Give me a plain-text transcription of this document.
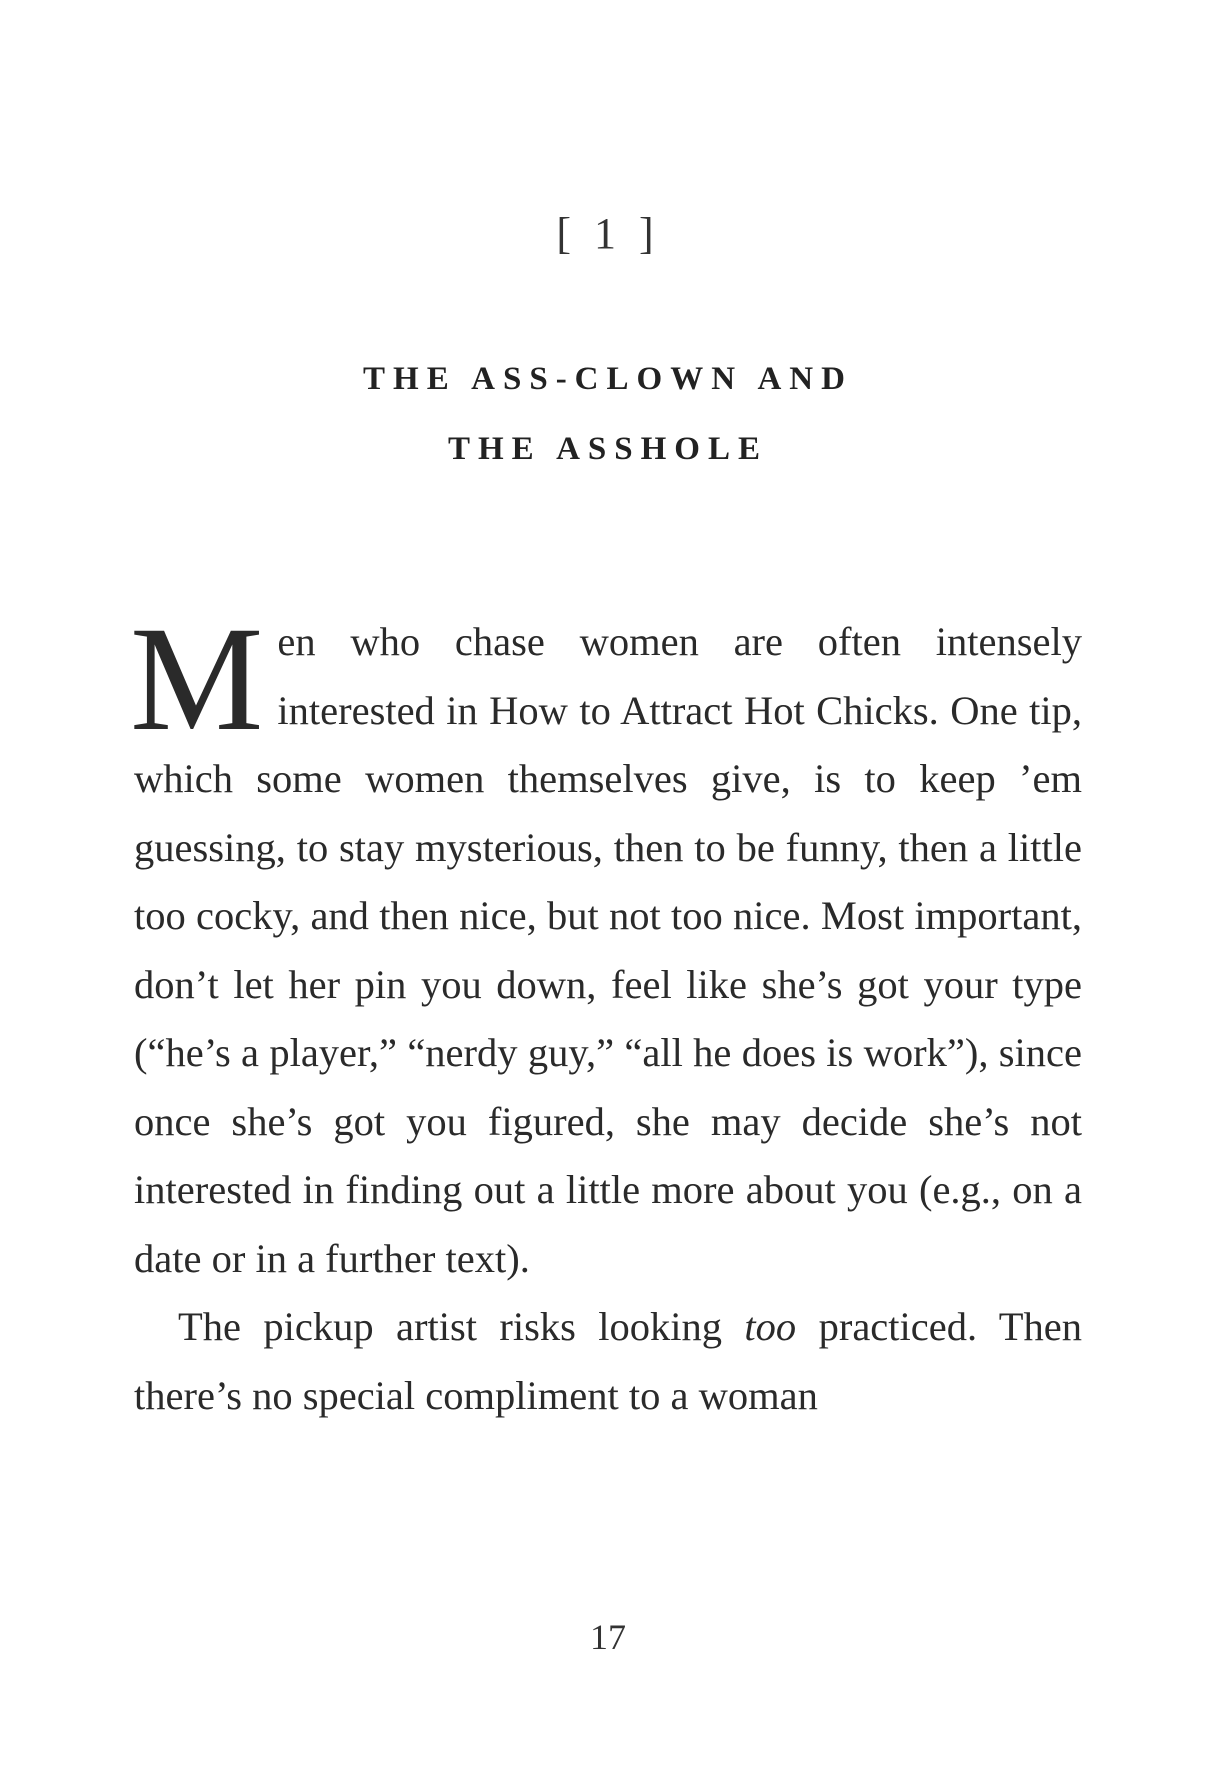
[ 1 ]
THE ASS-CLOWN AND
THE ASSHOLE

Men who chase women are often intensely interested in How to Attract Hot Chicks. One tip, which some women themselves give, is to keep ’em guessing, to stay mysterious, then to be funny, then a little too cocky, and then nice, but not too nice. Most important, don’t let her pin you down, feel like she’s got your type (“he’s a player,” “nerdy guy,” “all he does is work”), since once she’s got you figured, she may decide she’s not interested in finding out a little more about you (e.g., on a date or in a further text).

The pickup artist risks looking too practiced. Then there’s no special compliment to a woman

17
